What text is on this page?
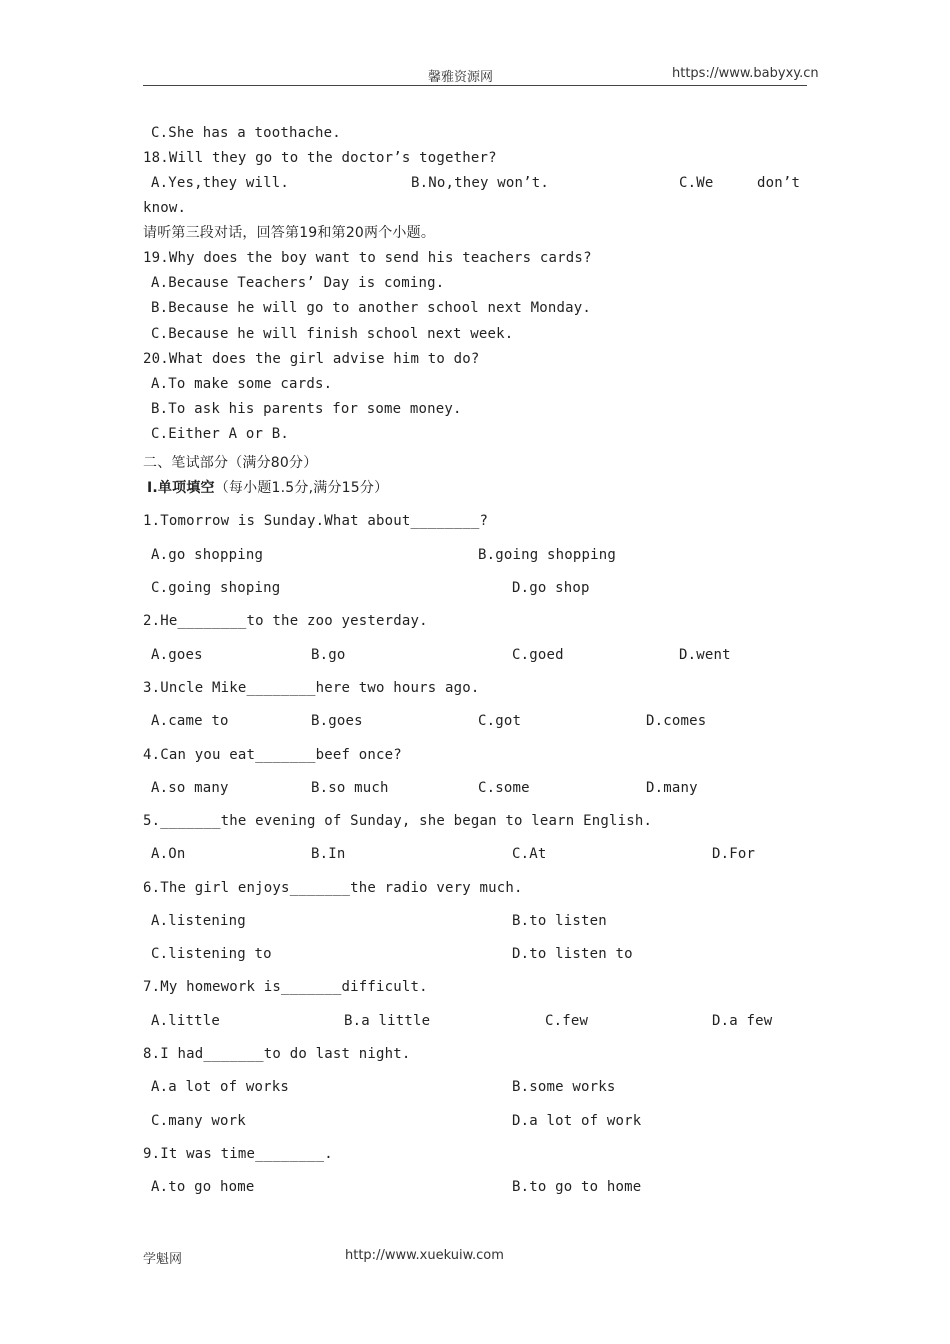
馨雅资源网	https://www.babyxy.cn
C.She has a toothache.
18.Will they go to the doctor’s together?
A.Yes,they will.	B.No,they won’t.	C.We	don’t
know.
请听第三段对话，回答第19和第20两个小题。
19.Why does the boy want to send his teachers cards?
A.Because Teachers’ Day is coming.
B.Because he will go to another school next Monday.
C.Because he will finish school next week.
20.What does the girl advise him to do?
A.To make some cards.
B.To ask his parents for some money.
C.Either A or B.
二、笔试部分（满分80分）
Ⅰ.单项填空（每小题1.5分,满分15分）
1.Tomorrow is Sunday.What about________?
A.go shopping	B.going shopping
C.going shoping	D.go shop
2.He________to the zoo yesterday.
A.goes	B.go	C.goed	D.went
3.Uncle Mike________here two hours ago.
A.came to	B.goes	C.got	D.comes
4.Can you eat_______beef once?
A.so many	B.so much	C.some	D.many
5._______the evening of Sunday, she began to learn English.
A.On	B.In	C.At	D.For
6.The girl enjoys_______the radio very much.
A.listening	B.to listen
C.listening to	D.to listen to
7.My homework is_______difficult.
A.little	B.a little	C.few	D.a few
8.I had_______to do last night.
A.a lot of works	B.some works
C.many work	D.a lot of work
9.It was time________.
A.to go home	B.to go to home
学魁网	http://www.xuekuiw.com
